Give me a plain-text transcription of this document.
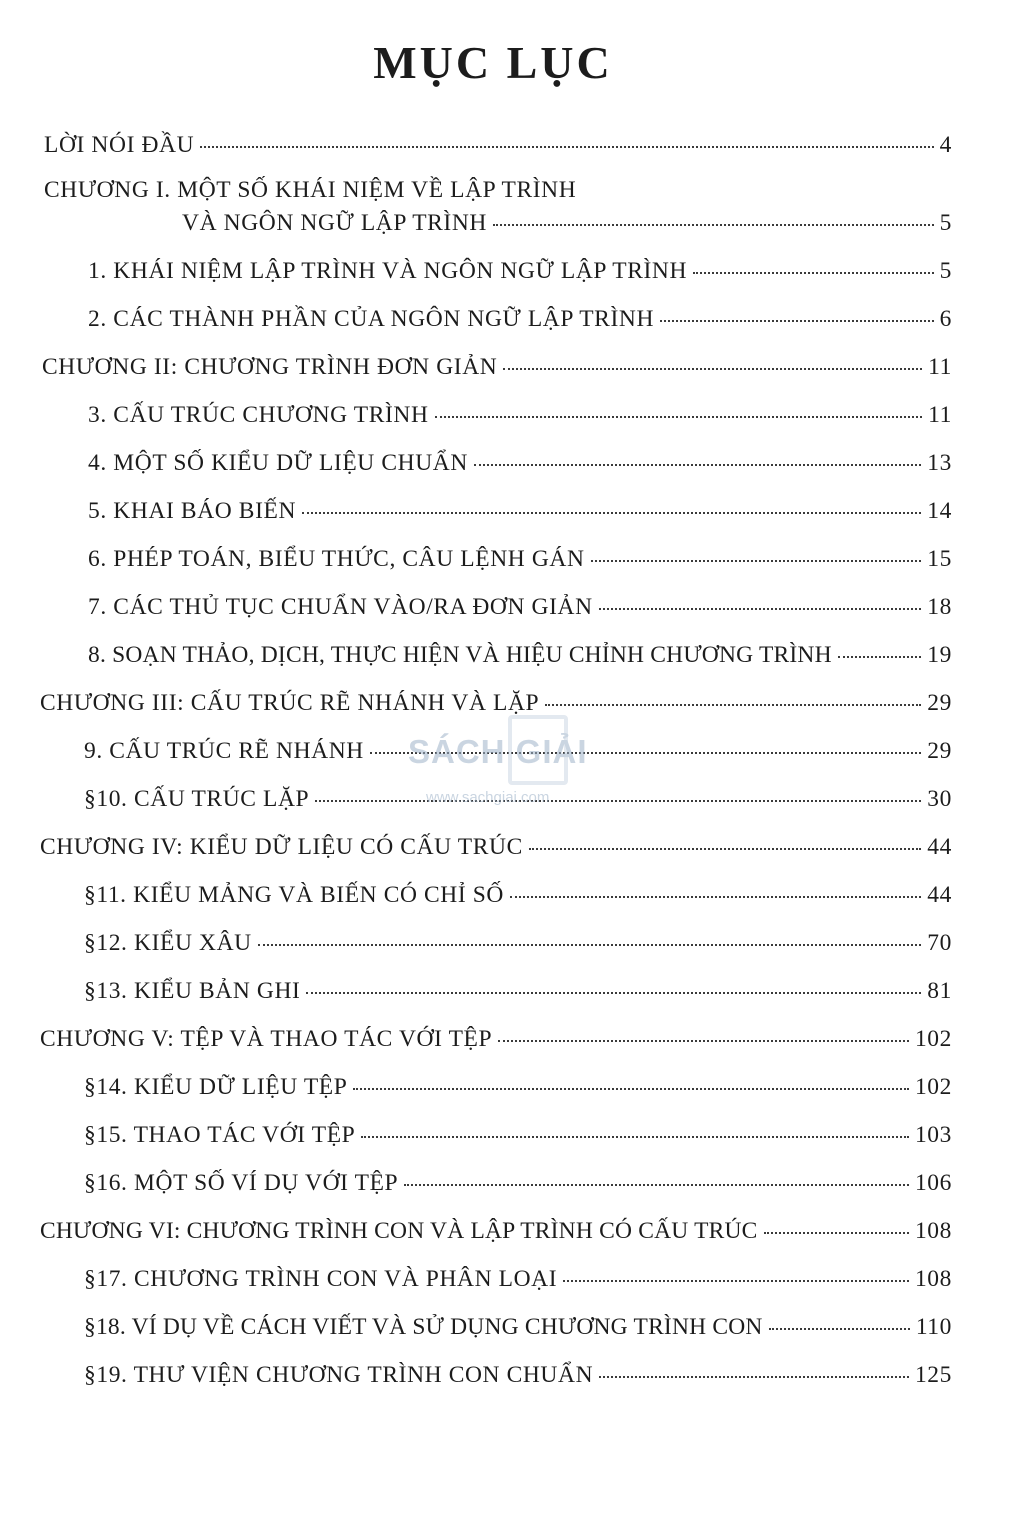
MỤC LỤC
LỜI NÓI ĐẦU	4
CHƯƠNG I. MỘT SỐ KHÁI NIỆM VỀ LẬP TRÌNH
VÀ NGÔN NGỮ LẬP TRÌNH	5
1. KHÁI NIỆM LẬP TRÌNH VÀ NGÔN NGỮ LẬP TRÌNH	5
2. CÁC THÀNH PHẦN CỦA NGÔN NGỮ LẬP TRÌNH	6
CHƯƠNG II: CHƯƠNG TRÌNH ĐƠN GIẢN	11
3. CẤU TRÚC CHƯƠNG TRÌNH	11
4. MỘT SỐ KIỂU DỮ LIỆU CHUẨN	13
5. KHAI BÁO BIẾN	14
6. PHÉP TOÁN, BIỂU THỨC, CÂU LỆNH GÁN	15
7. CÁC THỦ TỤC CHUẨN VÀO/RA ĐƠN GIẢN	18
8. SOẠN THẢO, DỊCH, THỰC HIỆN VÀ HIỆU CHỈNH CHƯƠNG TRÌNH	19
CHƯƠNG III: CẤU TRÚC RẼ NHÁNH VÀ LẶP	29
9. CẤU TRÚC RẼ NHÁNH	29
§10. CẤU TRÚC LẶP	30
CHƯƠNG IV: KIỂU DỮ LIỆU CÓ CẤU TRÚC	44
§11. KIỂU MẢNG VÀ BIẾN CÓ CHỈ SỐ	44
§12. KIỂU XÂU	70
§13. KIỂU BẢN GHI	81
CHƯƠNG V: TỆP VÀ THAO TÁC VỚI TỆP	102
§14. KIỂU DỮ LIỆU TỆP	102
§15. THAO TÁC VỚI TỆP	103
§16. MỘT SỐ VÍ DỤ VỚI TỆP	106
CHƯƠNG VI: CHƯƠNG TRÌNH CON VÀ LẬP TRÌNH CÓ CẤU TRÚC	108
§17. CHƯƠNG TRÌNH CON VÀ PHÂN LOẠI	108
§18. VÍ DỤ VỀ CÁCH VIẾT VÀ SỬ DỤNG CHƯƠNG TRÌNH CON	110
§19. THƯ VIỆN CHƯƠNG TRÌNH CON CHUẨN	125
SÁCH GIẢI
www.sachgiai.com
